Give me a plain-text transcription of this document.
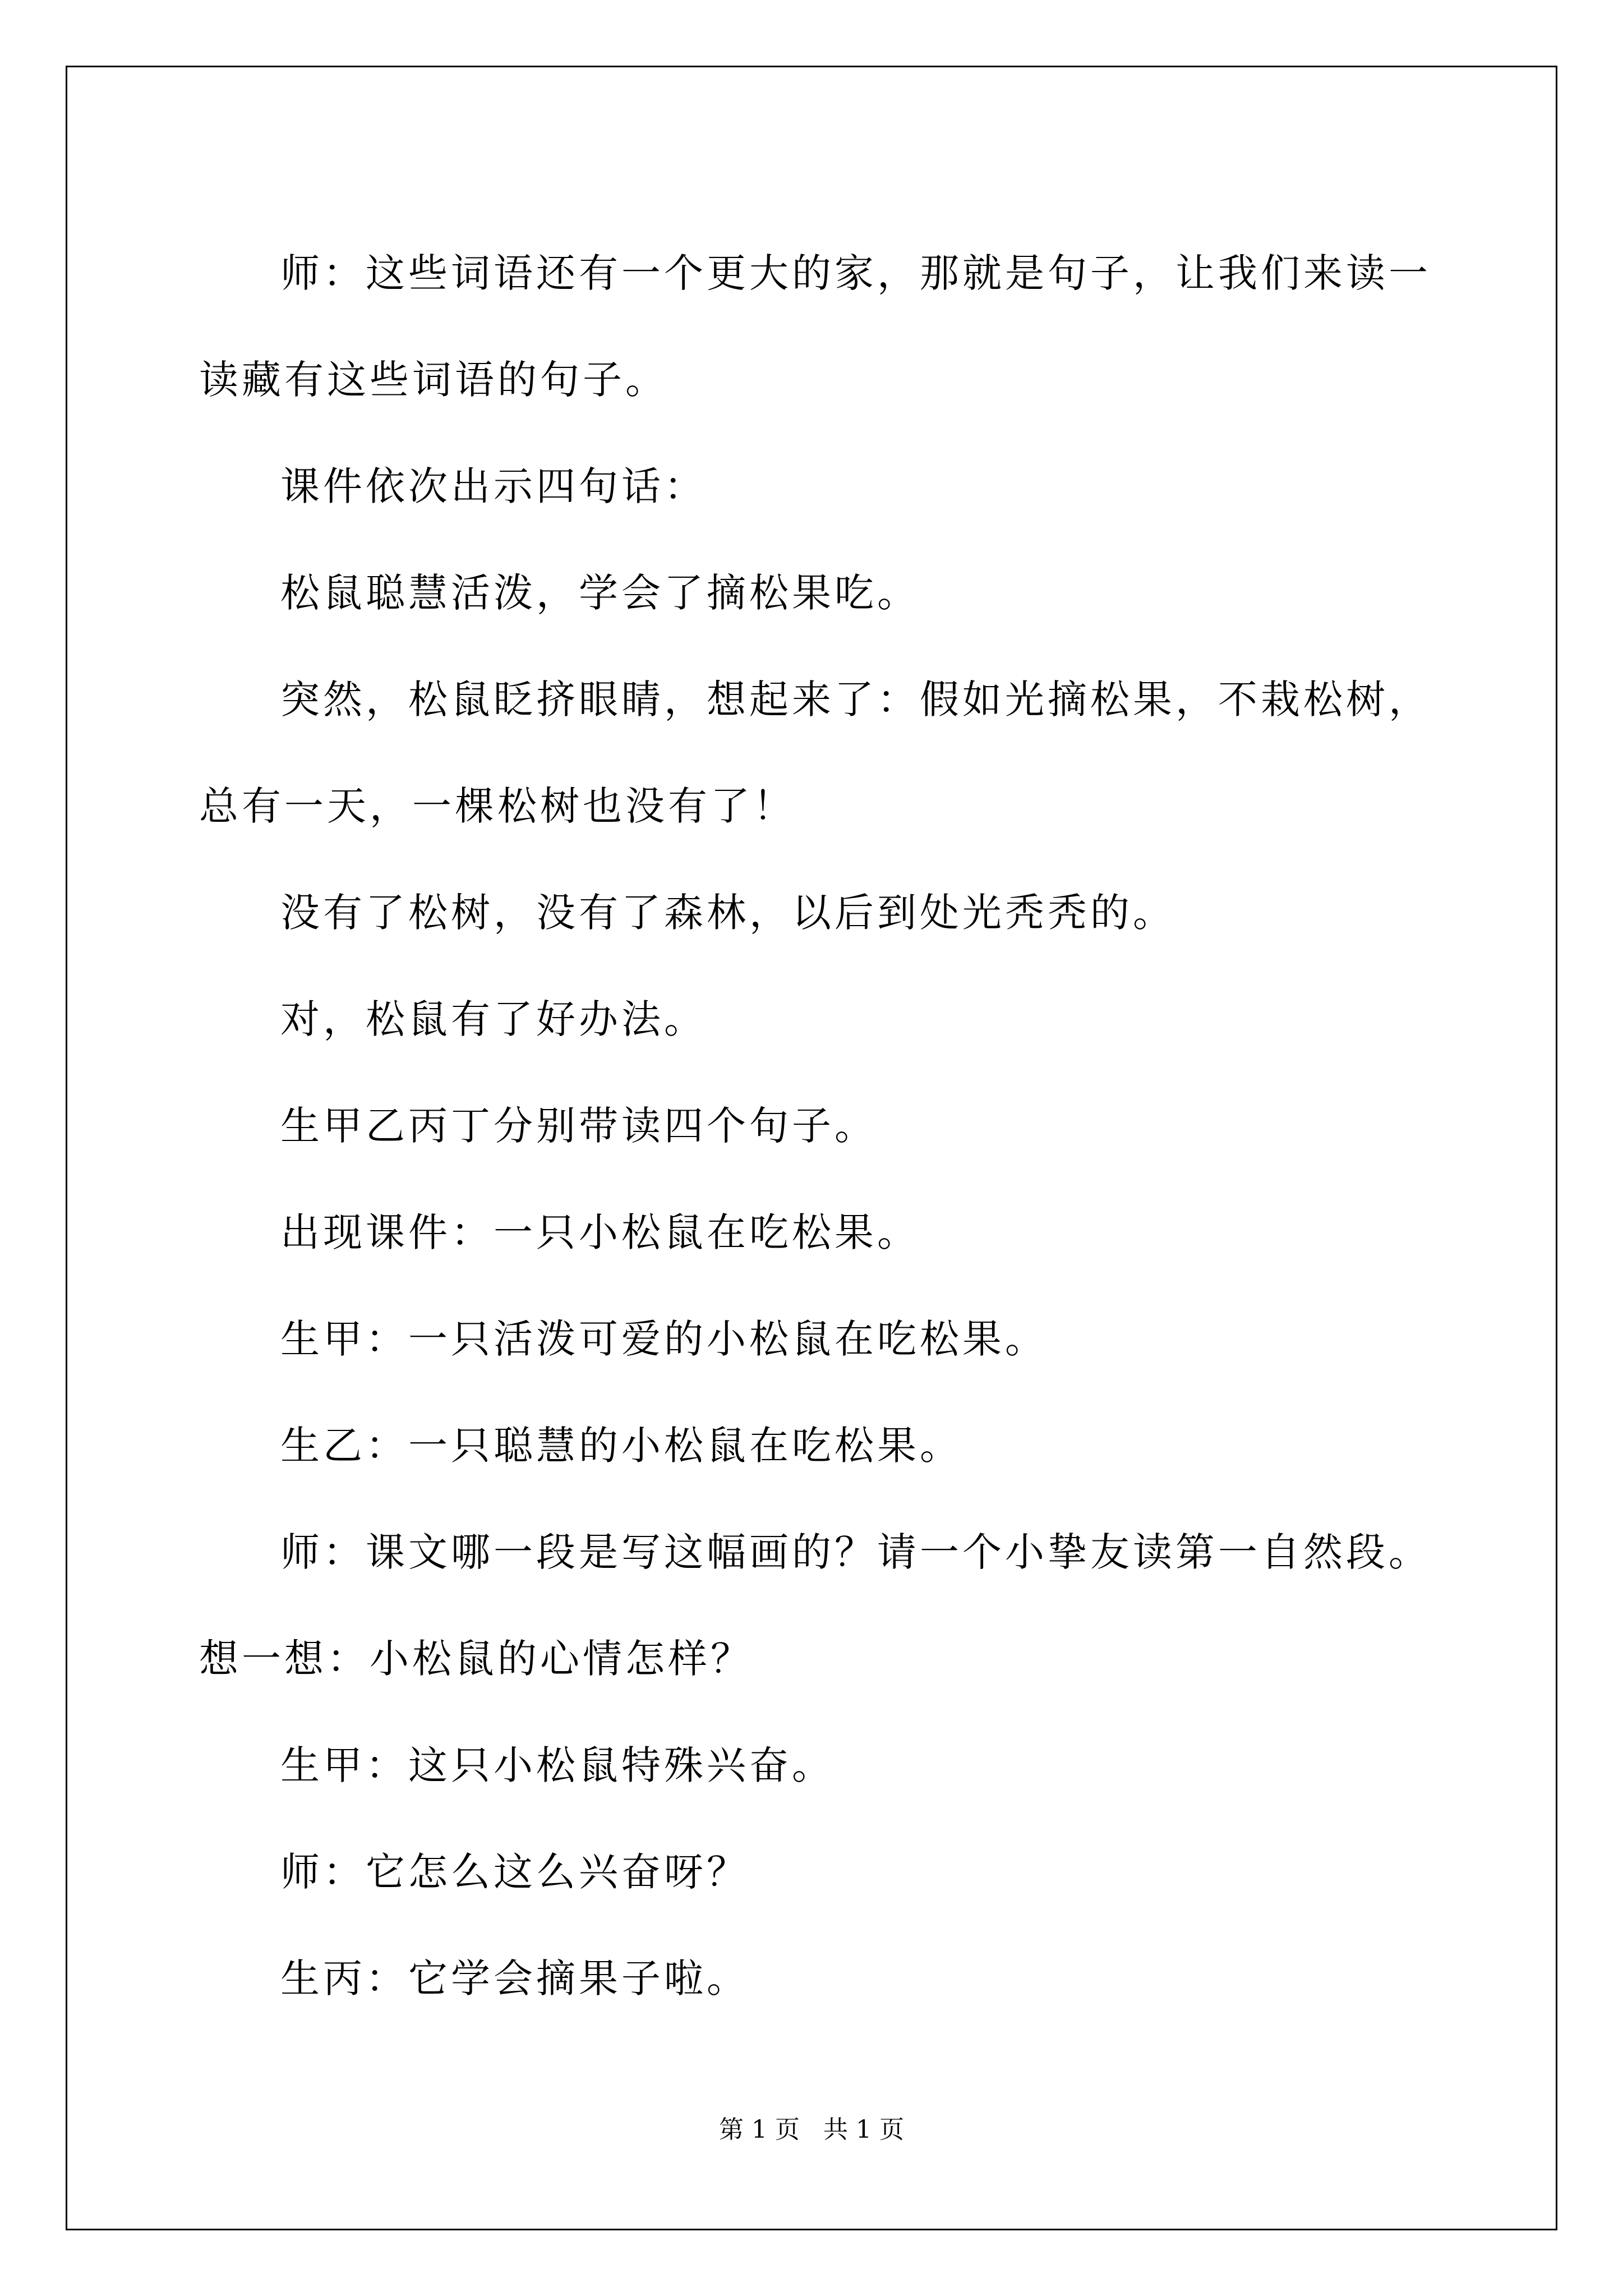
师：这些词语还有一个更大的家，那就是句子，让我们来读一读藏有这些词语的句子。

课件依次出示四句话：

松鼠聪慧活泼，学会了摘松果吃。

突然，松鼠眨挤眼睛，想起来了：假如光摘松果，不栽松树，总有一天，一棵松树也没有了！

没有了松树，没有了森林，以后到处光秃秃的。

对，松鼠有了好办法。

生甲乙丙丁分别带读四个句子。

出现课件：一只小松鼠在吃松果。

生甲：一只活泼可爱的小松鼠在吃松果。

生乙：一只聪慧的小松鼠在吃松果。

师：课文哪一段是写这幅画的？请一个小挚友读第一自然段。想一想：小松鼠的心情怎样？

生甲：这只小松鼠特殊兴奋。

师：它怎么这么兴奋呀？

生丙：它学会摘果子啦。

第 1 页   共 1 页
